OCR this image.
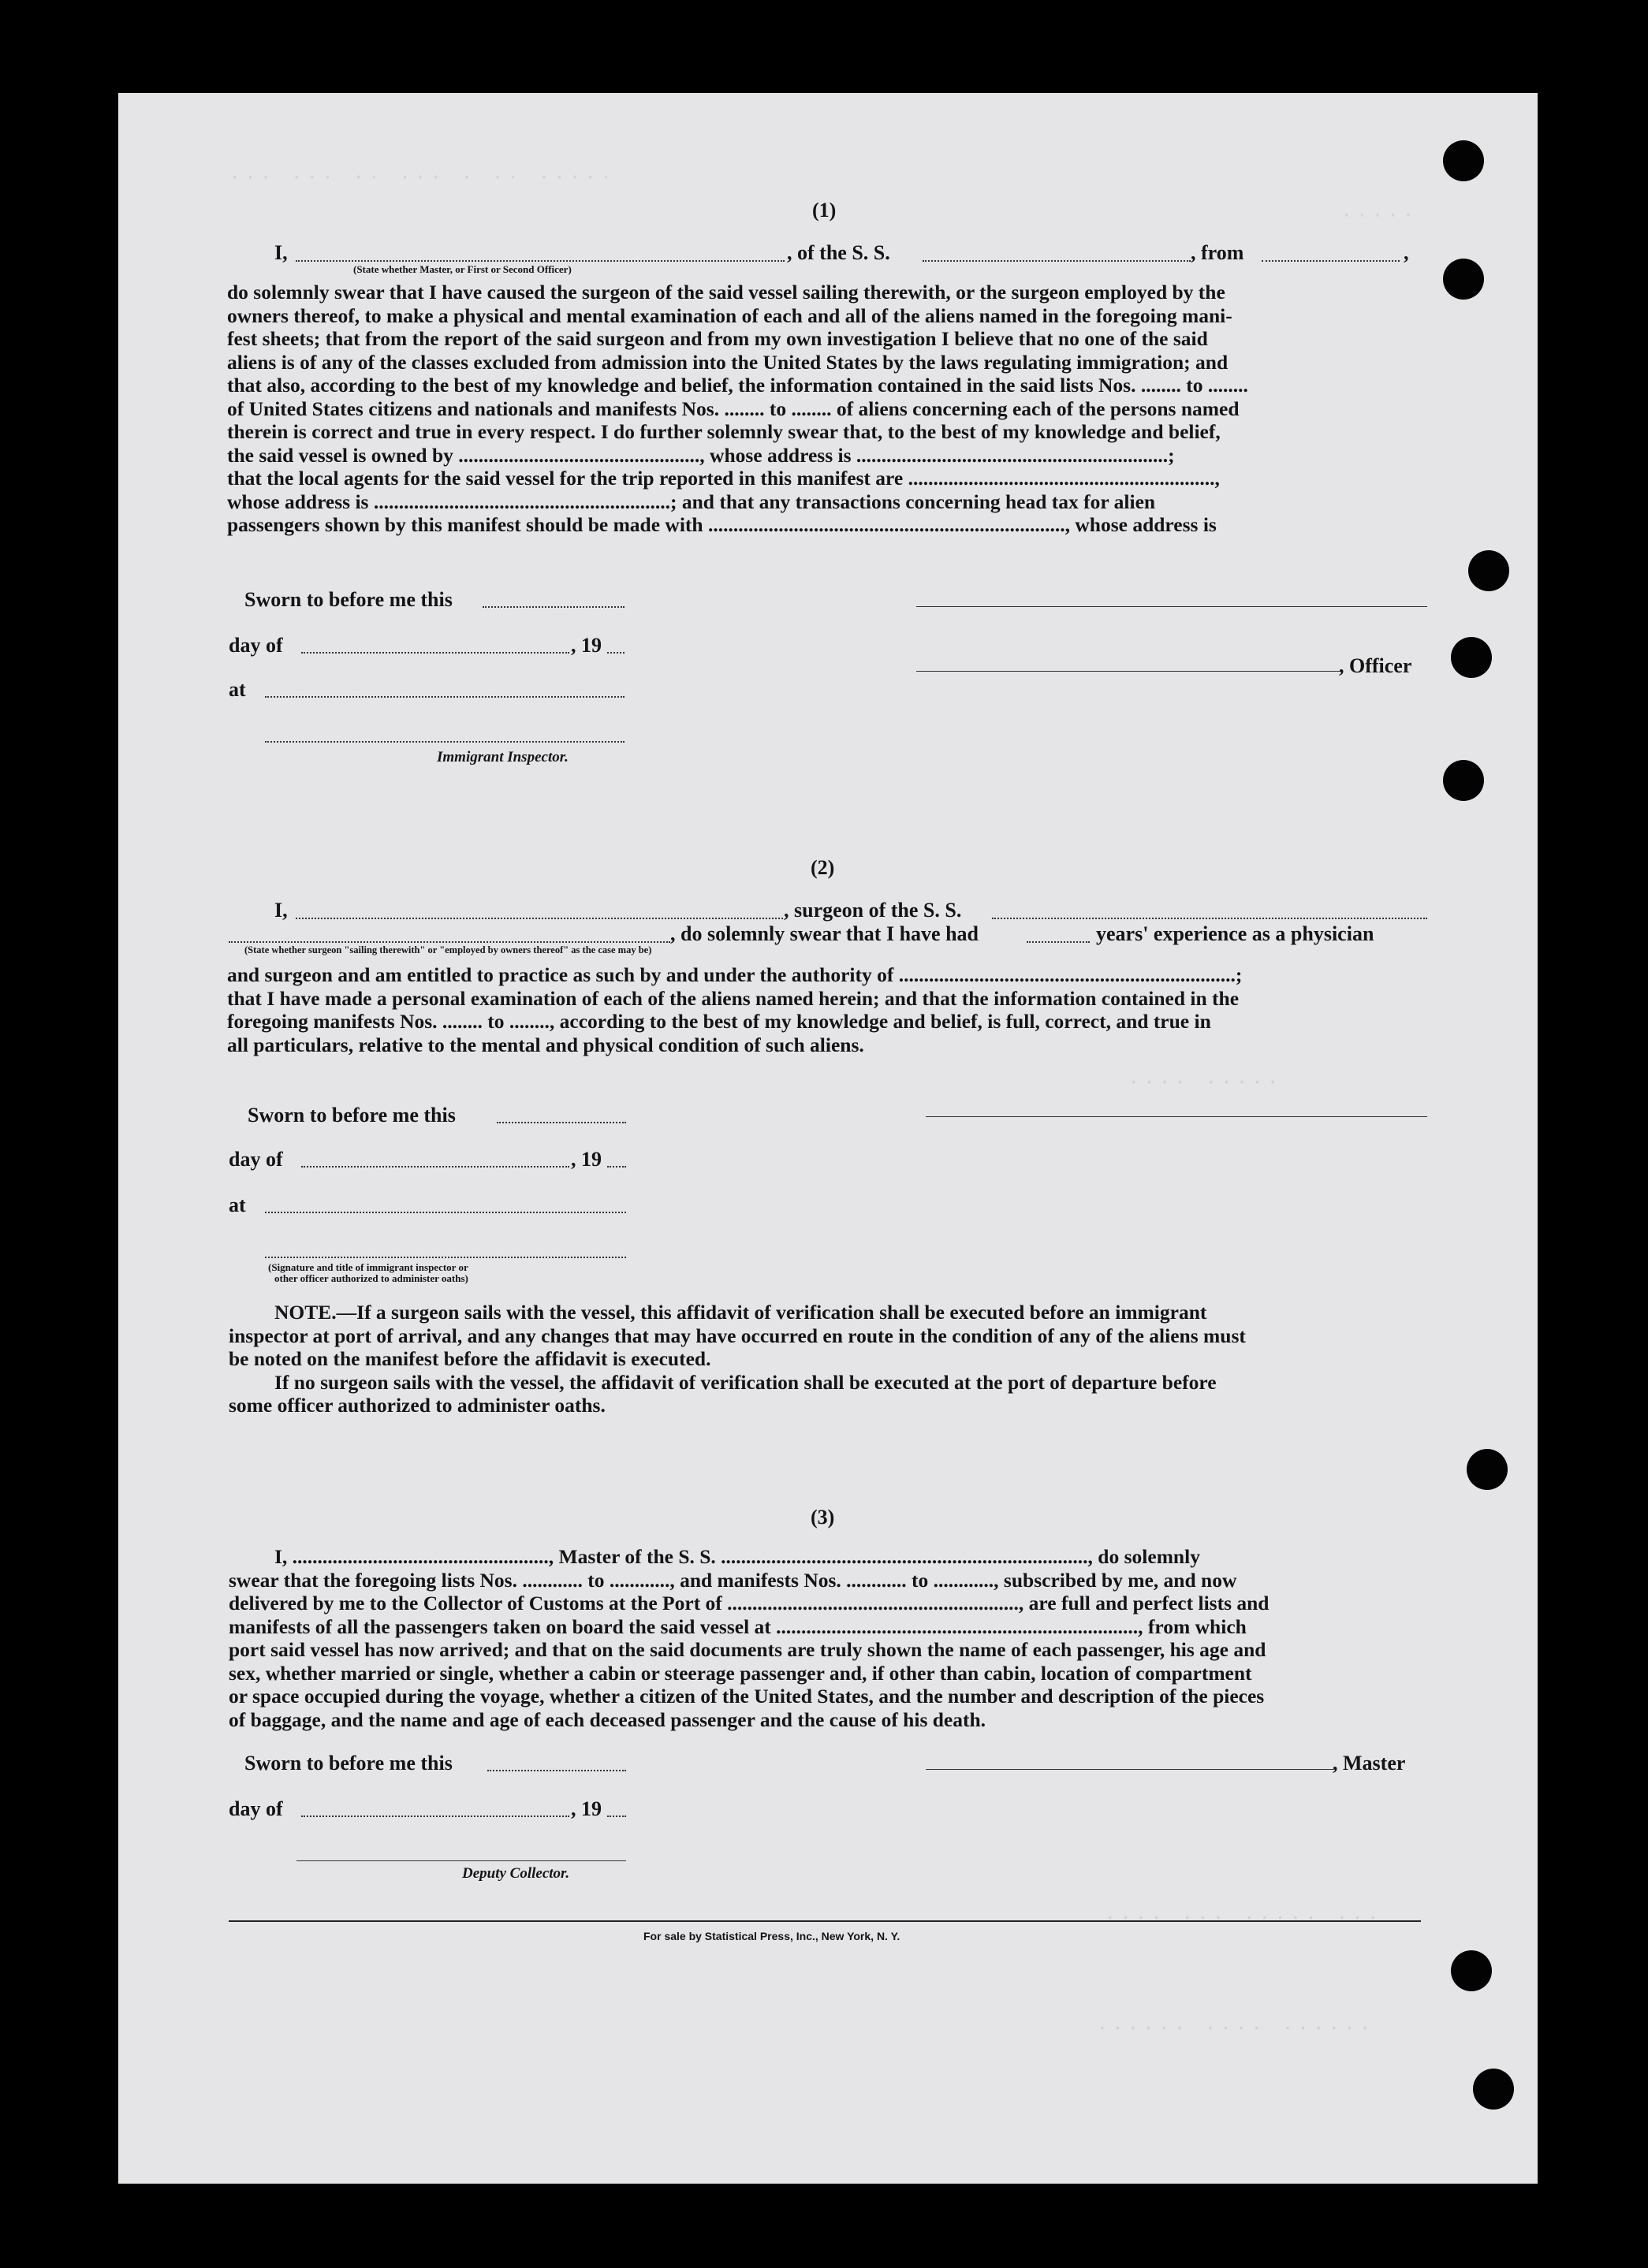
··· ··· ·· ··· · ·· ·····
·····
···· ·····
···· ··· ····· ···
······ ···· ······
(1)
I,
(State whether Master, or First or Second Officer)
, of the S. S.	, from	,
do solemnly swear that I have caused the surgeon of the said vessel sailing therewith, or the surgeon employed by the
owners thereof, to make a physical and mental examination of each and all of the aliens named in the foregoing mani-
fest sheets; that from the report of the said surgeon and from my own investigation I believe that no one of the said
aliens is of any of the classes excluded from admission into the United States by the laws regulating immigration; and
that also, according to the best of my knowledge and belief, the information contained in the said lists Nos. ........ to ........
of United States citizens and nationals and manifests Nos. ........ to ........ of aliens concerning each of the persons named
therein is correct and true in every respect. I do further solemnly swear that, to the best of my knowledge and belief,
the said vessel is owned by ................................................, whose address is ..............................................................;
that the local agents for the said vessel for the trip reported in this manifest are .............................................................,
whose address is ...........................................................; and that any transactions concerning head tax for alien
passengers shown by this manifest should be made with ......................................................................., whose address is
Sworn to before me this
day of	, 19
at
, Officer
Immigrant Inspector.
(2)
I,	, surgeon of the S. S.
, do solemnly swear that I have had	years' experience as a physician
(State whether surgeon "sailing therewith" or "employed by owners thereof" as the case may be)
and surgeon and am entitled to practice as such by and under the authority of ...................................................................;
that I have made a personal examination of each of the aliens named herein; and that the information contained in the
foregoing manifests Nos. ........ to ........, according to the best of my knowledge and belief, is full, correct, and true in
all particulars, relative to the mental and physical condition of such aliens.
Sworn to before me this
day of	, 19
at
(Signature and title of immigrant inspector or
other officer authorized to administer oaths)
NOTE.—If a surgeon sails with the vessel, this affidavit of verification shall be executed before an immigrant
inspector at port of arrival, and any changes that may have occurred en route in the condition of any of the aliens must
be noted on the manifest before the affidavit is executed.
If no surgeon sails with the vessel, the affidavit of verification shall be executed at the port of departure before
some officer authorized to administer oaths.
(3)
I, ..................................................., Master of the S. S. ........................................................................., do solemnly
swear that the foregoing lists Nos. ............ to ............, and manifests Nos. ............ to ............, subscribed by me, and now
delivered by me to the Collector of Customs at the Port of .........................................................., are full and perfect lists and
manifests of all the passengers taken on board the said vessel at ........................................................................, from which
port said vessel has now arrived; and that on the said documents are truly shown the name of each passenger, his age and
sex, whether married or single, whether a cabin or steerage passenger and, if other than cabin, location of compartment
or space occupied during the voyage, whether a citizen of the United States, and the number and description of the pieces
of baggage, and the name and age of each deceased passenger and the cause of his death.
Sworn to before me this	, Master
day of	, 19
Deputy Collector.
For sale by Statistical Press, Inc., New York, N. Y.
